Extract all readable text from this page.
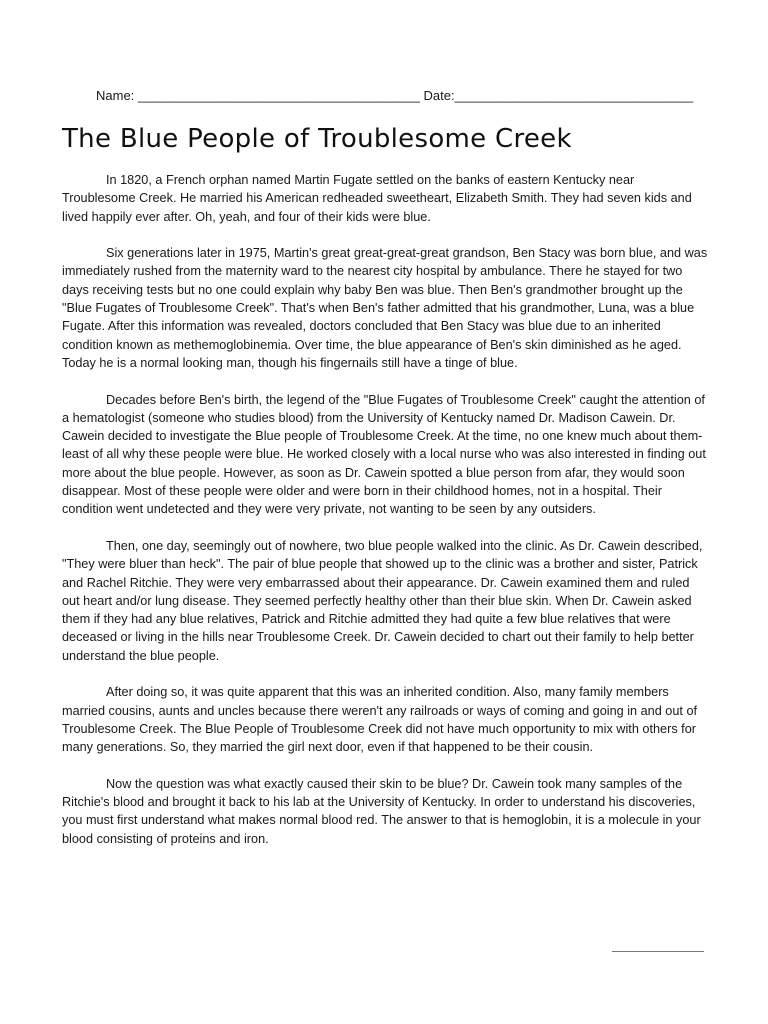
Name: _______________________________________ Date:_________________________________
The Blue People of Troublesome Creek

In 1820, a French orphan named Martin Fugate settled on the banks of eastern Kentucky near Troublesome Creek. He married his American redheaded sweetheart, Elizabeth Smith. They had seven kids and lived happily ever after. Oh, yeah, and four of their kids were blue.

Six generations later in 1975, Martin's great great-great-great grandson, Ben Stacy was born blue, and was immediately rushed from the maternity ward to the nearest city hospital by ambulance. There he stayed for two days receiving tests but no one could explain why baby Ben was blue. Then Ben's grandmother brought up the "Blue Fugates of Troublesome Creek". That's when Ben's father admitted that his grandmother, Luna, was a blue Fugate. After this information was revealed, doctors concluded that Ben Stacy was blue due to an inherited condition known as methemoglobinemia. Over time, the blue appearance of Ben's skin diminished as he aged. Today he is a normal looking man, though his fingernails still have a tinge of blue.

Decades before Ben's birth, the legend of the "Blue Fugates of Troublesome Creek" caught the attention of a hematologist (someone who studies blood) from the University of Kentucky named Dr. Madison Cawein. Dr. Cawein decided to investigate the Blue people of Troublesome Creek. At the time, no one knew much about them- least of all why these people were blue. He worked closely with a local nurse who was also interested in finding out more about the blue people. However, as soon as Dr. Cawein spotted a blue person from afar, they would soon disappear. Most of these people were older and were born in their childhood homes, not in a hospital. Their condition went undetected and they were very private, not wanting to be seen by any outsiders.

Then, one day, seemingly out of nowhere, two blue people walked into the clinic. As Dr. Cawein described, "They were bluer than heck". The pair of blue people that showed up to the clinic was a brother and sister, Patrick and Rachel Ritchie. They were very embarrassed about their appearance. Dr. Cawein examined them and ruled out heart and/or lung disease. They seemed perfectly healthy other than their blue skin. When Dr. Cawein asked them if they had any blue relatives, Patrick and Ritchie admitted they had quite a few blue relatives that were deceased or living in the hills near Troublesome Creek. Dr. Cawein decided to chart out their family to help better understand the blue people.

After doing so, it was quite apparent that this was an inherited condition. Also, many family members married cousins, aunts and uncles because there weren't any railroads or ways of coming and going in and out of Troublesome Creek. The Blue People of Troublesome Creek did not have much opportunity to mix with others for many generations. So, they married the girl next door, even if that happened to be their cousin.

Now the question was what exactly caused their skin to be blue? Dr. Cawein took many samples of the Ritchie's blood and brought it back to his lab at the University of Kentucky. In order to understand his discoveries, you must first understand what makes normal blood red. The answer to that is hemoglobin, it is a molecule in your blood consisting of proteins and iron.
